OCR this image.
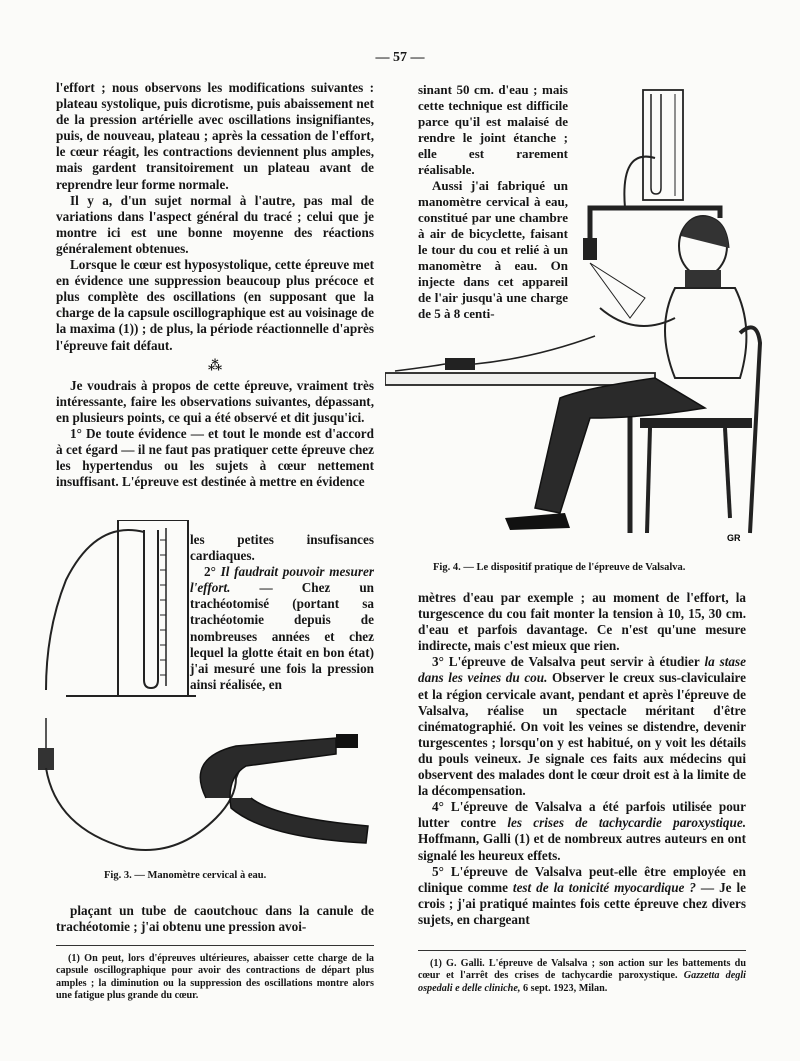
— 57 —

l'effort ; nous observons les modifications suivantes : plateau systolique, puis dicrotisme, puis abaissement net de la pression artérielle avec oscillations insignifiantes, puis, de nouveau, plateau ; après la cessation de l'effort, le cœur réagit, les contractions deviennent plus amples, mais gardent transitoirement un plateau avant de reprendre leur forme normale.

Il y a, d'un sujet normal à l'autre, pas mal de variations dans l'aspect général du tracé ; celui que je montre ici est une bonne moyenne des réactions généralement obtenues.

Lorsque le cœur est hyposystolique, cette épreuve met en évidence une suppression beaucoup plus précoce et plus complète des oscillations (en supposant que la charge de la capsule oscillographique est au voisinage de la maxima (1)) ; de plus, la période réactionnelle d'après l'épreuve fait défaut.

⁂

Je voudrais à propos de cette épreuve, vraiment très intéressante, faire les observations suivantes, dépassant, en plusieurs points, ce qui a été observé et dit jusqu'ici.

1° De toute évidence — et tout le monde est d'accord à cet égard — il ne faut pas pratiquer cette épreuve chez les hypertendus ou les sujets à cœur nettement insuffisant. L'épreuve est destinée à mettre en évidence

les petites insufisances cardiaques.

2° Il faudrait pouvoir mesurer l'effort. — Chez un trachéotomisé (portant sa trachéotomie depuis de nombreuses années et chez lequel la glotte était en bon état) j'ai mesuré une fois la pression ainsi réalisée, en

Fig. 3. — Manomètre cervical à eau.

plaçant un tube de caoutchouc dans la canule de trachéotomie ; j'ai obtenu une pression avoi-

(1) On peut, lors d'épreuves ultérieures, abaisser cette charge de la capsule oscillographique pour avoir des contractions de départ plus amples ; la diminution ou la suppression des oscillations montre alors une fatigue plus grande du cœur.

sinant 50 cm. d'eau ; mais cette technique est difficile parce qu'il est malaisé de rendre le joint étanche ; elle est rarement réalisable.

Aussi j'ai fabriqué un manomètre cervical à eau, constitué par une chambre à air de bicyclette, faisant le tour du cou et relié à un manomètre à eau. On injecte dans cet appareil de l'air jusqu'à une charge de 5 à 8 centi-

GR
Fig. 4. — Le dispositif pratique de l'épreuve de Valsalva.

mètres d'eau par exemple ; au moment de l'effort, la turgescence du cou fait monter la tension à 10, 15, 30 cm. d'eau et parfois davantage. Ce n'est qu'une mesure indirecte, mais c'est mieux que rien.

3° L'épreuve de Valsalva peut servir à étudier la stase dans les veines du cou. Observer le creux sus-claviculaire et la région cervicale avant, pendant et après l'épreuve de Valsalva, réalise un spectacle méritant d'être cinématographié. On voit les veines se distendre, devenir turgescentes ; lorsqu'on y est habitué, on y voit les détails du pouls veineux. Je signale ces faits aux médecins qui observent des malades dont le cœur droit est à la limite de la décompensation.

4° L'épreuve de Valsalva a été parfois utilisée pour lutter contre les crises de tachycardie paroxystique. Hoffmann, Galli (1) et de nombreux autres auteurs en ont signalé les heureux effets.

5° L'épreuve de Valsalva peut-elle être employée en clinique comme test de la tonicité myocardique ? — Je le crois ; j'ai pratiqué maintes fois cette épreuve chez divers sujets, en chargeant

(1) G. Galli. L'épreuve de Valsalva ; son action sur les battements du cœur et l'arrêt des crises de tachycardie paroxystique. Gazzetta degli ospedali e delle cliniche, 6 sept. 1923, Milan.
